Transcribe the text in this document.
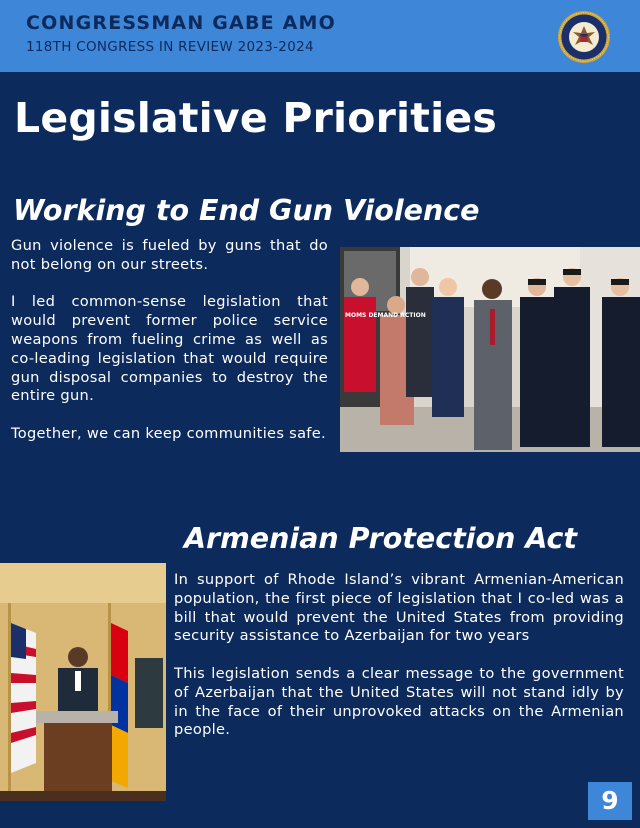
CONGRESSMAN GABE AMO
118TH CONGRESS IN REVIEW 2023-2024
Legislative Priorities
Working to End Gun Violence

Gun violence is fueled by guns that do not belong on our streets.

I led common-sense legislation that would prevent former police service weapons from fueling crime as well as co-leading legislation that would require gun disposal companies to destroy the entire gun.

Together, we can keep communities safe.

MOMS DEMAND ACTION
Armenian Protection Act

In support of Rhode Island’s vibrant Armenian-American population, the first piece of legislation that I co-led was a bill that would prevent the United States from providing security assistance to Azerbaijan for two years

This legislation sends a clear message to the government of Azerbaijan that the United States will not stand idly by in the face of their unprovoked attacks on the Armenian people.

9
